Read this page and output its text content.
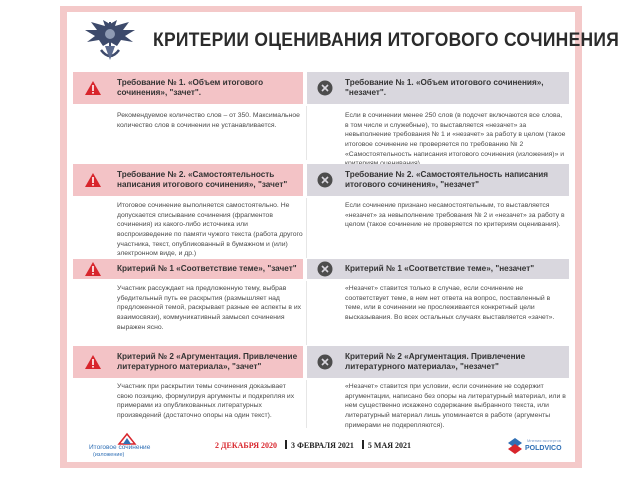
КРИТЕРИИ ОЦЕНИВАНИЯ ИТОГОВОГО СОЧИНЕНИЯ
Требование № 1. «Объем итогового сочинения», "зачет".
Требование № 1. «Объем итогового сочинения», "незачет".
Рекомендуемое количество слов – от 350. Максимальное количество слов в сочинении не устанавливается.
Если в сочинении менее 250 слов (в подсчет включаются все слова, в том числе и служебные), то выставляется «незачет» за невыполнение требования № 1 и «незачет» за работу в целом (такое итоговое сочинение не проверяется по требованию № 2 «Самостоятельность написания итогового сочинения (изложения)» и
Требование № 2. «Самостоятельность написания итогового сочинения», "зачет"
Требование № 2. «Самостоятельность написания итогового сочинения», "незачет"
Итоговое сочинение выполняется самостоятельно. Не допускается списывание сочинения (фрагментов сочинения) из какого-либо источника или воспроизведение по памяти чужого текста (работа другого участника, текст, опубликованный в бумажном и (или) электронном виде, и др.)
Если сочинение признано несамостоятельным, то выставляется «незачет» за невыполнение требования № 2 и «незачет» за работу в целом (такое сочинение не проверяется по критериям оценивания).
Критерий № 1 «Соответствие теме», "зачет"	Критерий № 1 «Соответствие теме», "незачет"
Участник рассуждает на предложенную тему, выбрав убедительный путь ее раскрытия (размышляет над предложенной темой, раскрывает разные ее аспекты в их взаимосвязи), коммуникативный замысел сочинения выражен ясно.
«Незачет» ставится только в случае, если сочинение не соответствует теме, в нем нет ответа на вопрос, поставленный в теме, или в сочинении не прослеживается конкретный цели высказывания. Во всех остальных случаях выставляется «зачет».
Критерий № 2 «Аргументация. Привлечение литературного материала», "зачет"
Критерий № 2 «Аргументация. Привлечение литературного материала», "незачет"
Участник при раскрытии темы сочинения доказывает свою позицию, формулируя аргументы и подкрепляя их примерами из опубликованных литературных произведений (достаточно опоры на один текст).
«Незачет» ставится при условии, если сочинение не содержит аргументации, написано без опоры на литературный материал, или в нем существенно искажено содержание выбранного текста, или литературный материал лишь упоминается в работе (аргументы примерами не подкрепляются).
Итоговое сочинение
(изложение)
2 ДЕКАБРЯ 2020 3 ФЕВРАЛЯ 2021 5 МАЯ 2021
Мнения экспертов
POLDVICO
